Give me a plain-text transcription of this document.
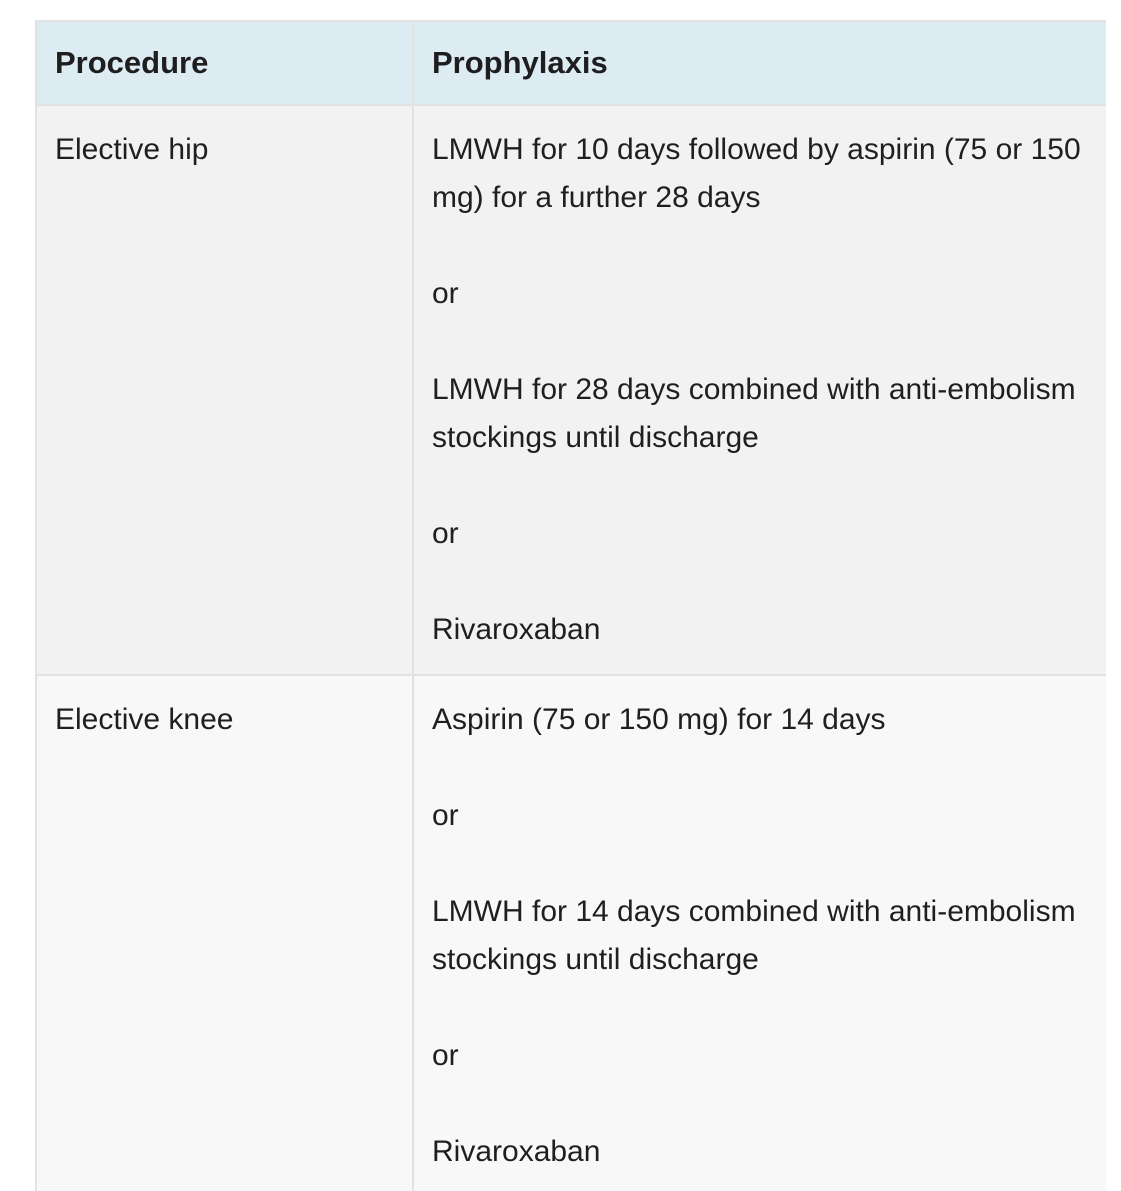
Procedure	Prophylaxis
Elective hip	LMWH for 10 days followed by aspirin (75 or 150 mg) for a further 28 days

or

LMWH for 28 days combined with anti-embolism stockings until discharge

or

Rivaroxaban

Elective knee	Aspirin (75 or 150 mg) for 14 days

or

LMWH for 14 days combined with anti-embolism stockings until discharge

or

Rivaroxaban
